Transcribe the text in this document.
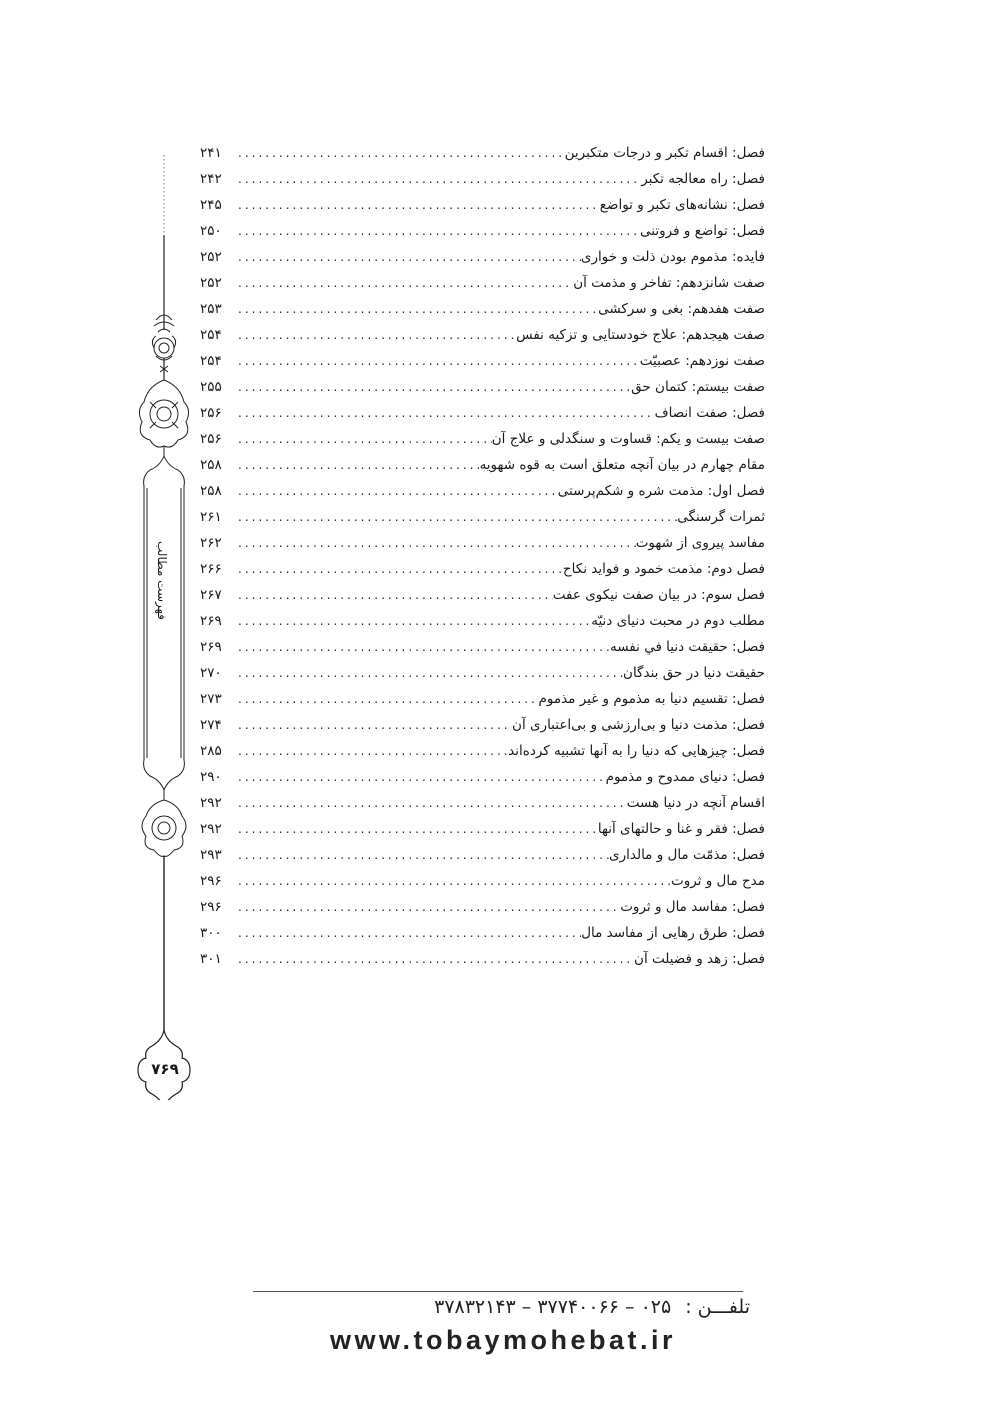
فهرست مطالب
۷۶۹
فصل: اقسام تکبر و درجات متکبرین
.....
۲۴۱
فصل: راه معالجه تکبر
.....
۲۴۲
فصل: نشانه‌های تکبر و تواضع
.....
۲۴۵
فصل: تواضع و فروتنی
.....
۲۵۰
فایده: مذموم بودن ذلت و خواری
.....
۲۵۲
صفت شانزدهم: تفاخر و مذمت آن
.....
۲۵۲
صفت هفدهم: بغی و سرکشی
.....
۲۵۳
صفت هیجدهم: علاج خودستایی و تزکیه نفس
.....
۲۵۴
صفت نوزدهم: عصبیّت
.....
۲۵۴
صفت بیستم: کتمان حق
.....
۲۵۵
فصل: صفت انصاف
.....
۲۵۶
صفت بیست و یکم: قساوت و سنگدلی و علاج آن
.....
۲۵۶
مقام چهارم در بیان آنچه متعلق است به قوه شهویه
.....
۲۵۸
فصل اول: مذمت شره و شکم‌پرستی
.....
۲۵۸
ثمرات گرسنگی
.....
۲۶۱
مفاسد پیروی از شهوت
.....
۲۶۲
فصل دوم: مذمت خمود و فواید نکاح
.....
۲۶۶
فصل سوم: در بیان صفت نیکوی عفت
.....
۲۶۷
مطلب دوم در محبت دنیای دنیّه
.....
۲۶۹
فصل: حقیقت دنیا في نفسه
.....
۲۶۹
حقیقت دنیا در حق بندگان
.....
۲۷۰
فصل: تقسیم دنیا به مذموم و غیر مذموم
.....
۲۷۳
فصل: مذمت دنیا و بی‌ارزشی و بی‌اعتباری آن
.....
۲۷۴
فصل: چیزهایی که دنیا را به آنها تشبیه کرده‌اند
.....
۲۸۵
فصل: دنیای ممدوح و مذموم
.....
۲۹۰
اقسام آنچه در دنیا هست
.....
۲۹۲
فصل: فقر و غنا و حالتهای آنها
.....
۲۹۲
فصل: مذمّت مال و مالداری
.....
۲۹۳
مدح مال و ثروت
.....
۲۹۶
فصل: مفاسد مال و ثروت
.....
۲۹۶
فصل: طرق رهایی از مفاسد مال
.....
۳۰۰
فصل: زهد و فضیلت آن
.....
۳۰۱
تلفـــن :
۰۲۵ – ۳۷۷۴۰۰۶۶ – ۳۷۸۳۲۱۴۳
www.tobaymohebat.ir
